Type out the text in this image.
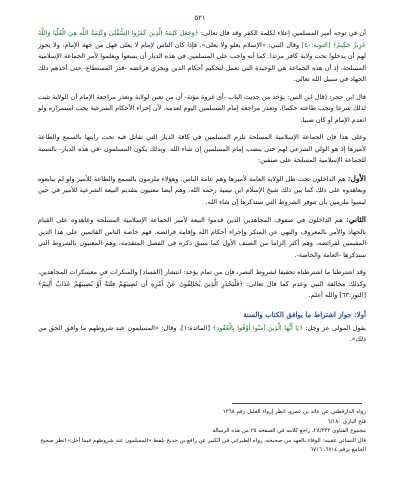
٥٢١

أن في توجه أمير المسلمين إعلاء لكلمة الكفر وقد قال تعالى: ﴿وَجَعَلَ كَلِمَةَ الَّذِينَ كَفَرُوا السُّفْلَىٰ وَكَلِمَةُ اللَّهِ هِيَ الْعُلْيَا وَاللَّهُ عَزِيزٌ حَكِيمٌ﴾ [التوبة:٤٠] وقال النبي: «الإسلام يعلو ولا يعلى». فإذا كان الناس لإمام لا يعلى فهل من جهة الإمام، ولا يجوز لهم أن يدخلوا تحت ولاية كافر مرتدا. كما أنه واجب على المسلمين في هذه الديار أن يسعوا ويعلموا لأمر الجماعة الإسلامية المسلحة، إذ أن هذه الجماعة هي الوحيدة التي تعمل لتحكيم أحكام الدين ويجري فرائضه -قدر المستطاع- حتى أخذهم ذلك الجهاد في سبيل الله تعالى.

قال ابن حجر: (قال ابن التين: يؤخذ من حديث الباب -أي غزوة مؤتة- أن من تعين لولاية وتعذر مراجعة الإمام أن الولاية تثبت لذلك شرعا وتجب طاعته حكما)، وتعذر مراجعة إمام المسلمين اليوم لعدمه، لأن إجراء الأحكام الشرعية يجب استمراره ولو انعدم الإمام أو كان صبيا.

وعلى هذا فإن الجماعة الإسلامية المسلحة تلزم المسلمين في كافة الديار التي تقاتل فيه تحت رايتها بالسمع والطاعة لأميرها إذ هو الولي الشرعي لهم حتى ينصب إمام المسلمين إن شاء الله. وبذلك يكون المسلمون -في هذه الديار- بالنسبة للجماعة الإسلامية المسلحة على صنفين:

الأول: هم الداخلون تحت ظل الولاية العامة لأميرها وهم عامة الناس. وهؤلاء ملزمون بالسمع والطاعة للأمير ولو لم يبايعوه ويعاهدوه على ذلك كما بين ذلك شيخ الإسلام ابن تيمية رحمه الله. وهم أيضا معنيون بتقديم البيعة الشرعية للأمير في حين ليسوا ملزمين بأن تتوفر الشروط التي سنذكرها إن شاء الله.

الثاني: هم الداخلون في صفوف المجاهدين الذين قدموا البيعة لأمير الجماعة الإسلامية المسلحة وعاهدوه على القيام بالجهاد والأمر بالمعروف والنهي عن المنكر وإجراء أحكام الله وإقامة فرائضه. فهم خاصة الناس القائمين على هذا الدين المقيمين لفرائضه، وهم أكثر إلزاما من الصنف الأول كما سبق ذكره في الفصل المتقدمة، وهم المعنيون بالشروط التي سنذكرها -العامة والخاصة-.

وقد اشترطنا ما اشترطناه تحقيقا لشروط النصر، فإن من تمام يؤخذ: انتشار [الفساد] والمنكرات في معسكرات المجاهدين، وكذلك مخالفة النبي وعدم كما قال تعالى: ﴿فَلْيَحْذَرِ الَّذِينَ يُخَالِفُونَ عَنْ أَمْرِهِ أَن تُصِيبَهُمْ فِتْنَةٌ أَوْ يُصِيبَهُمْ عَذَابٌ أَلِيمٌ﴾ [النور:٦٣] والله أعلم.

أولا: جواز اشتراط ما يوافق الكتاب والسنة

بقول المولى عز وجل: ﴿يَا أَيُّهَا الَّذِينَ آمَنُوا أَوْفُوا بِالْعُقُودِ﴾ [المائدة:١]، وقال: «المسلمون عند شروطهم ما وافق الحق من ذلك».

رواه الدارقطني عن عائذ بن عمرو، انظر إرواء الغليل رقم ١٢٦٨

فتح الباري ٦/١٨٠

مجموع الفتاوى ٢٨/٣٣٢، راجع كلامه في الصفحة ٢٥ من هذه الرسالة

قال النسائي عقيبه: الوفاء بالعهد من صحيحه، رواه الطبراني في الكبير عن رافع بن خديج بلفظ «المسلمون عند شروطهم فيما أحل» انظر صحيح الجامع برقم ٦٧١٤، ٦٧١٦
